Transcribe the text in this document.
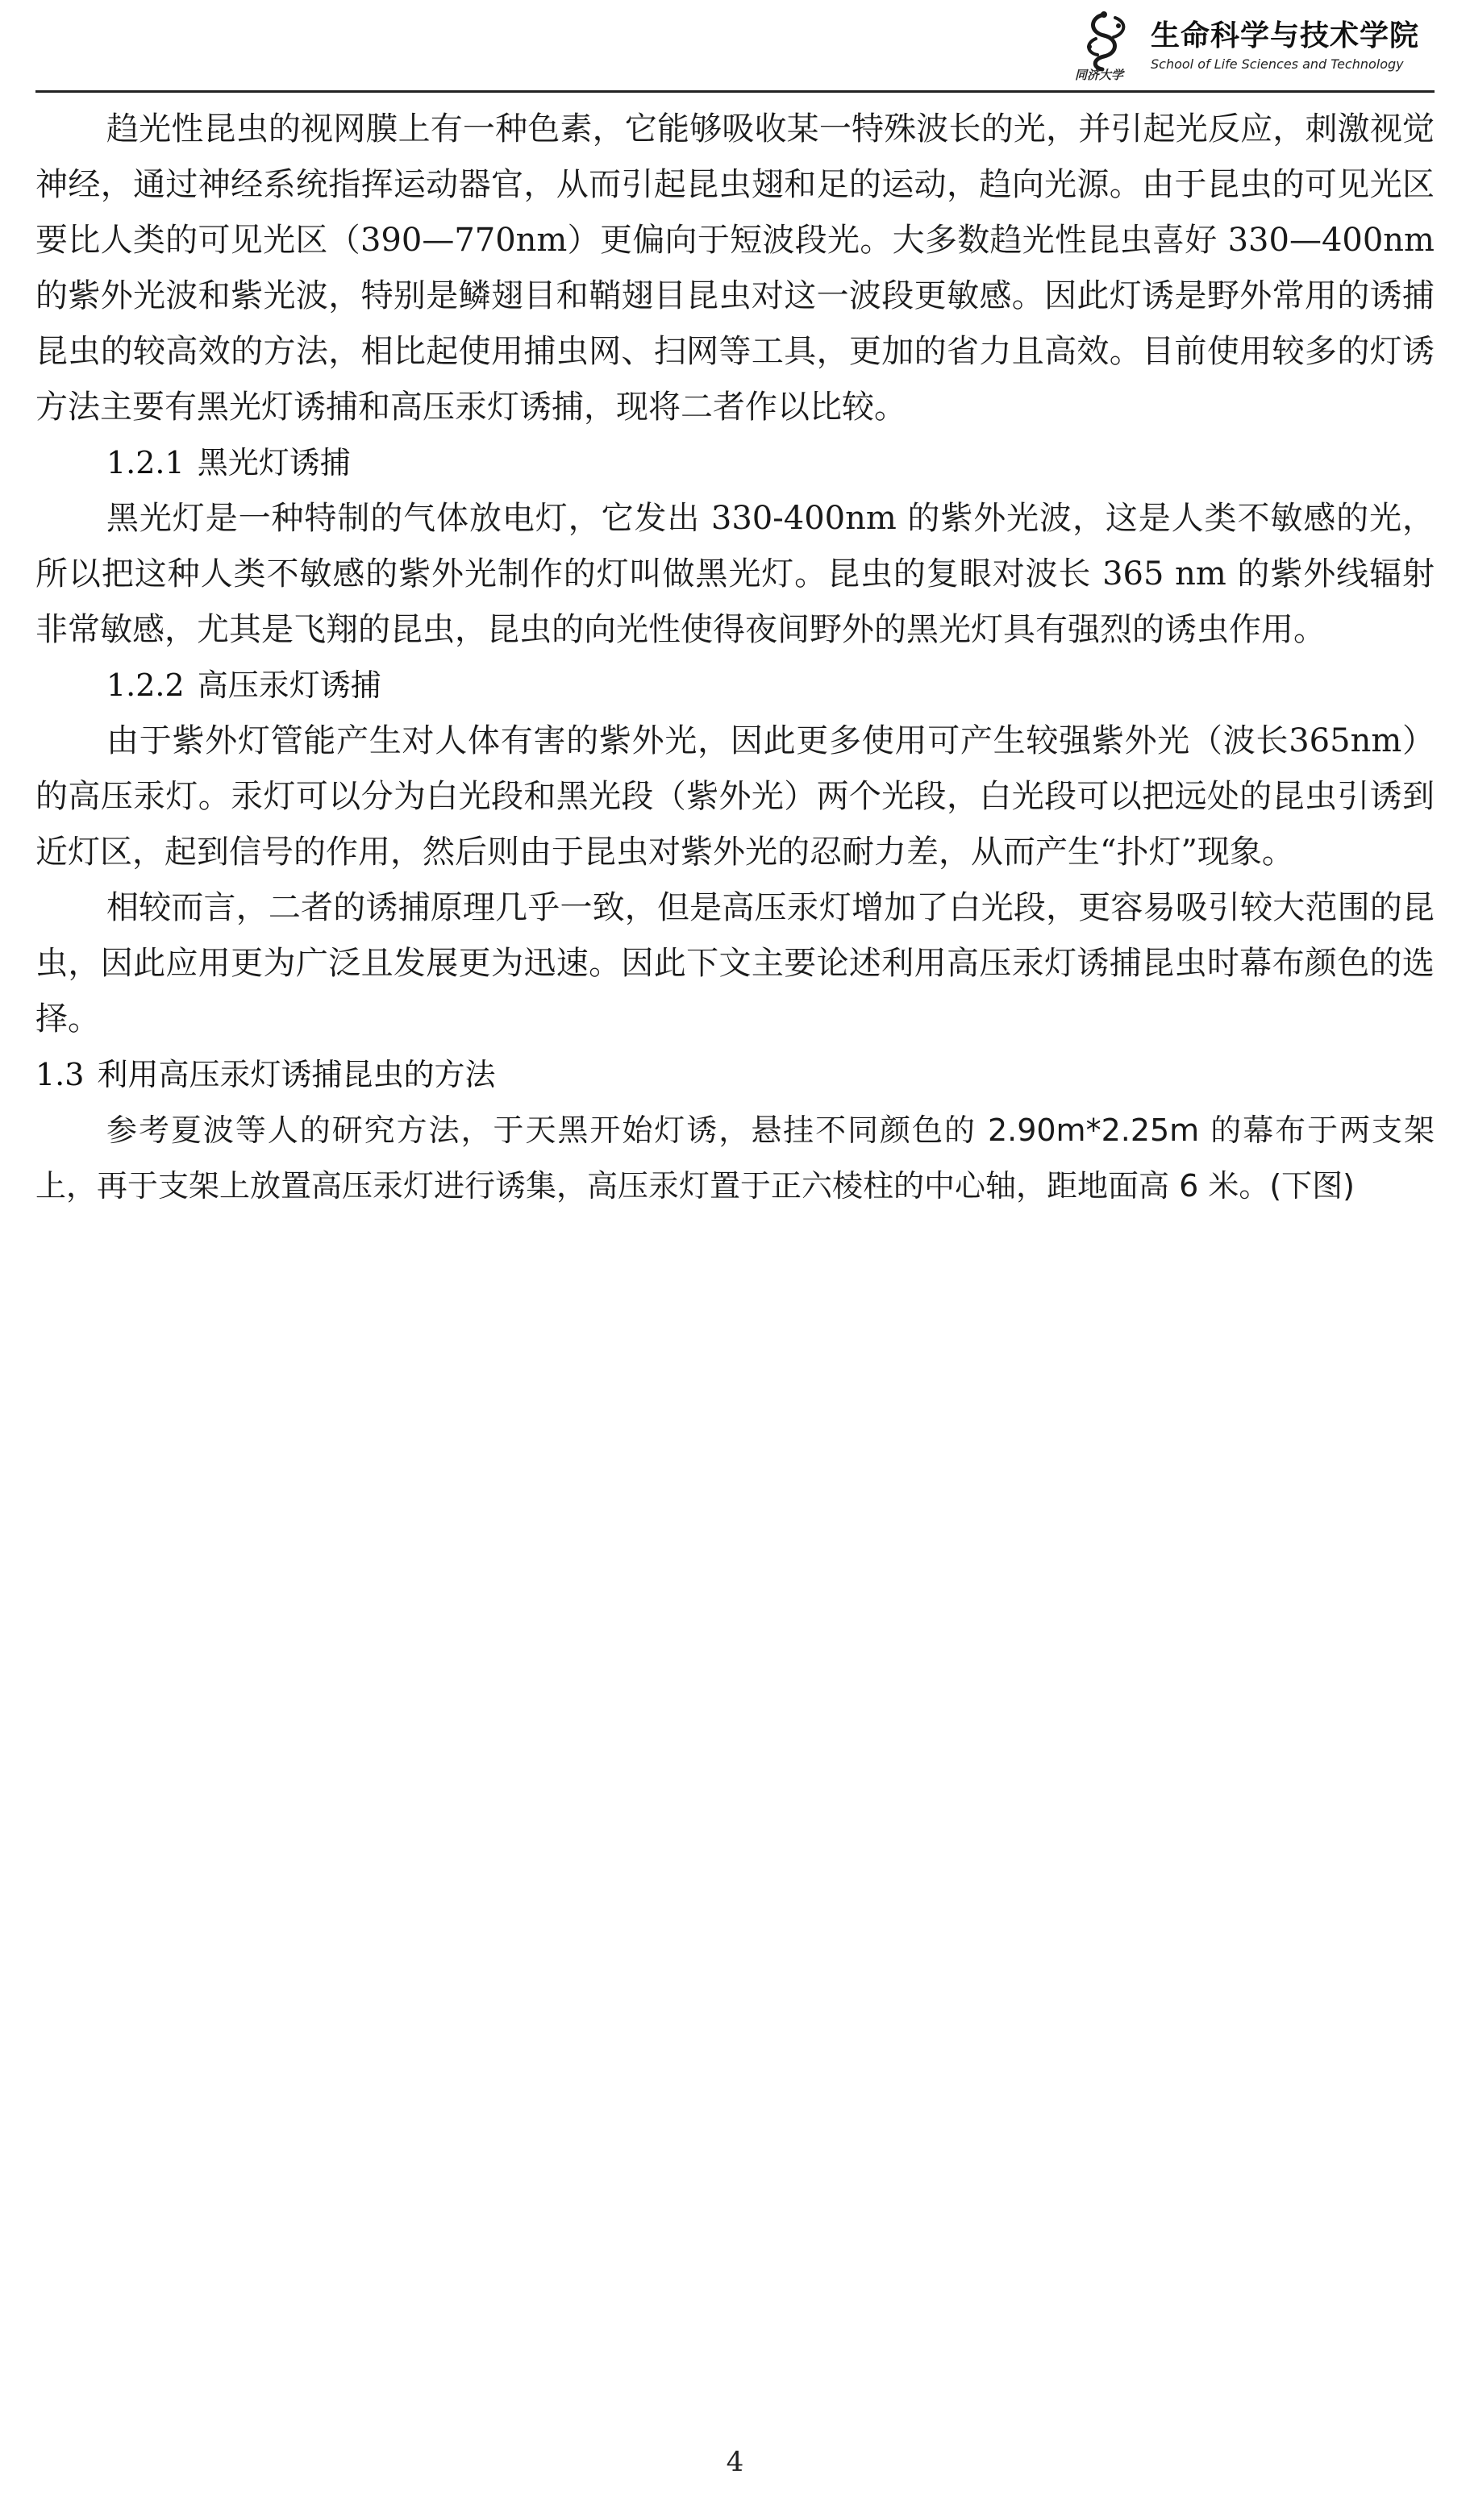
生命科学与技术学院
School of Life Sciences and Technology
同济大学

趋光性昆虫的视网膜上有一种色素，它能够吸收某一特殊波长的光，并引起光反应，刺激视觉神经，通过神经系统指挥运动器官，从而引起昆虫翅和足的运动，趋向光源。由于昆虫的可见光区要比人类的可见光区（390—770nm）更偏向于短波段光。大多数趋光性昆虫喜好 330—400nm 的紫外光波和紫光波，特别是鳞翅目和鞘翅目昆虫对这一波段更敏感。因此灯诱是野外常用的诱捕昆虫的较高效的方法，相比起使用捕虫网、扫网等工具，更加的省力且高效。目前使用较多的灯诱方法主要有黑光灯诱捕和高压汞灯诱捕，现将二者作以比较。

1.2.1 黑光灯诱捕

黑光灯是一种特制的气体放电灯，它发出 330-400nm 的紫外光波，这是人类不敏感的光，所以把这种人类不敏感的紫外光制作的灯叫做黑光灯。昆虫的复眼对波长 365 nm 的紫外线辐射非常敏感，尤其是飞翔的昆虫，昆虫的向光性使得夜间野外的黑光灯具有强烈的诱虫作用。

1.2.2 高压汞灯诱捕

由于紫外灯管能产生对人体有害的紫外光，因此更多使用可产生较强紫外光（波长365nm）的高压汞灯。汞灯可以分为白光段和黑光段（紫外光）两个光段，白光段可以把远处的昆虫引诱到近灯区，起到信号的作用，然后则由于昆虫对紫外光的忍耐力差，从而产生“扑灯”现象。

相较而言，二者的诱捕原理几乎一致，但是高压汞灯增加了白光段，更容易吸引较大范围的昆虫，因此应用更为广泛且发展更为迅速。因此下文主要论述利用高压汞灯诱捕昆虫时幕布颜色的选择。

1.3 利用高压汞灯诱捕昆虫的方法

参考夏波等人的研究方法，于天黑开始灯诱，悬挂不同颜色的 2.90m*2.25m 的幕布于两支架上，再于支架上放置高压汞灯进行诱集，高压汞灯置于正六棱柱的中心轴，距地面高 6 米。(下图)

4
